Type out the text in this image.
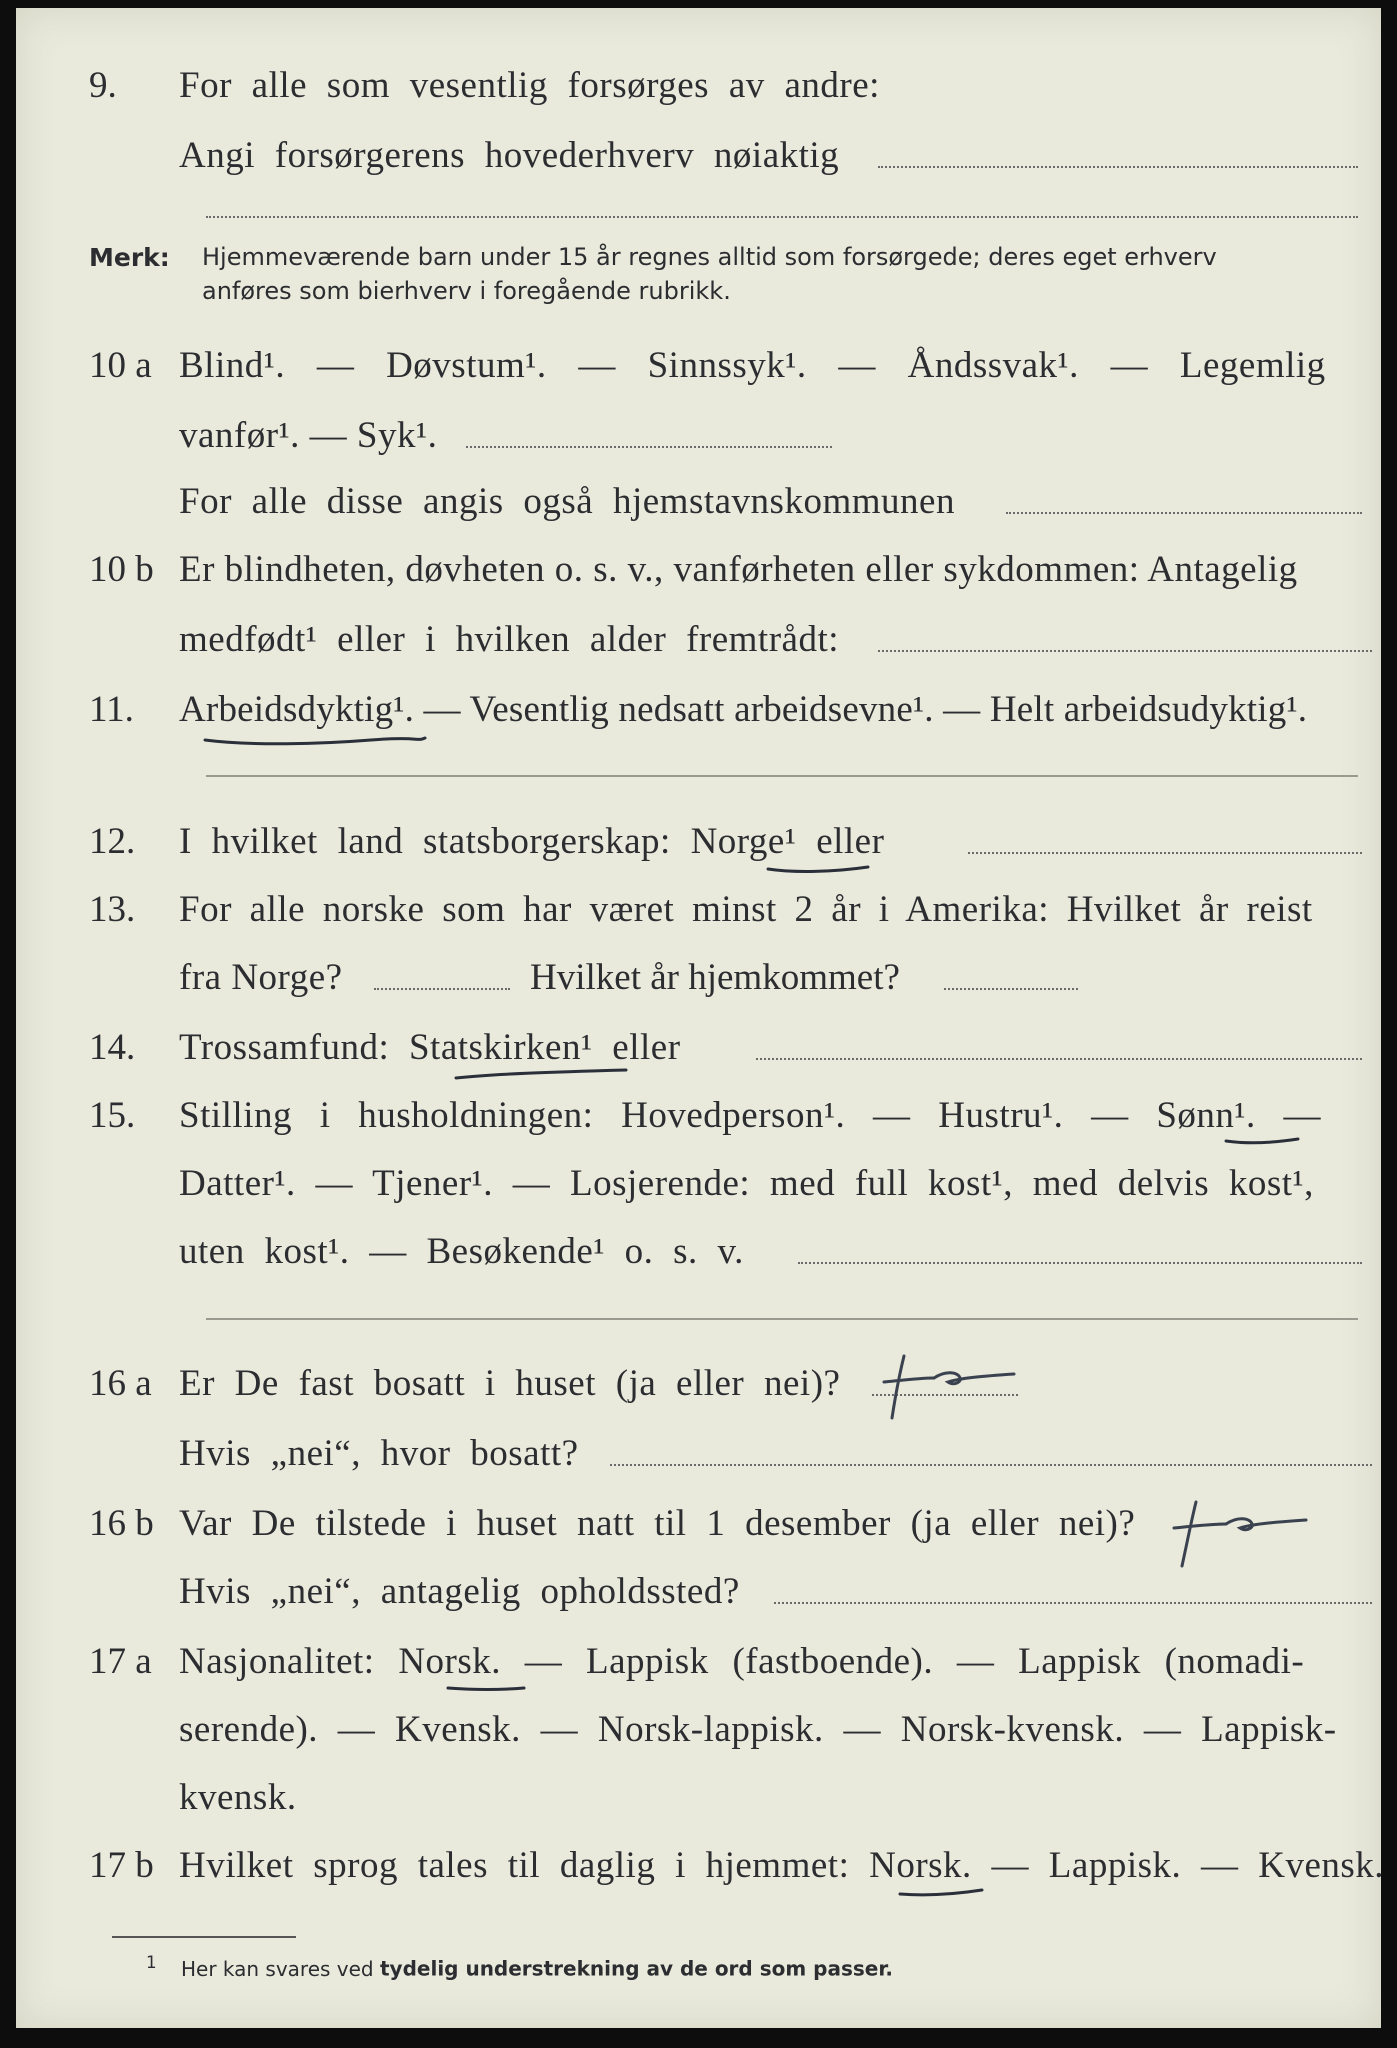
9. For alle som vesentlig forsørges av andre:
Angi forsørgerens hovederhverv nøiaktig
Merk: Hjemmeværende barn under 15 år regnes alltid som forsørgede; deres eget erhverv
anføres som bierhverv i foregående rubrikk.
10 a Blind¹. — Døvstum¹. — Sinnssyk¹. — Åndssvak¹. — Legemlig
vanfør¹. — Syk¹.
For alle disse angis også hjemstavnskommunen
10 b Er blindheten, døvheten o. s. v., vanførheten eller sykdommen: Antagelig
medfødt¹ eller i hvilken alder fremtrådt:
11. Arbeidsdyktig¹. — Vesentlig nedsatt arbeidsevne¹. — Helt arbeidsudyktig¹.
12. I hvilket land statsborgerskap: Norge¹ eller
13. For alle norske som har været minst 2 år i Amerika: Hvilket år reist
fra Norge?	Hvilket år hjemkommet?
14. Trossamfund: Statskirken¹ eller
15. Stilling i husholdningen: Hovedperson¹. — Hustru¹. — Sønn¹. —
Datter¹. — Tjener¹. — Losjerende: med full kost¹, med delvis kost¹,
uten kost¹. — Besøkende¹ o. s. v.
16 a Er De fast bosatt i huset (ja eller nei)?
Hvis „nei“, hvor bosatt?
16 b Var De tilstede i huset natt til 1 desember (ja eller nei)?
Hvis „nei“, antagelig opholdssted?
17 a Nasjonalitet: Norsk. — Lappisk (fastboende). — Lappisk (nomadi-
serende). — Kvensk. — Norsk-lappisk. — Norsk-kvensk. — Lappisk-
kvensk.
17 b Hvilket sprog tales til daglig i hjemmet: Norsk. — Lappisk. — Kvensk.
$^1$ Her kan svares ved tydelig understrekning av de ord som passer.
